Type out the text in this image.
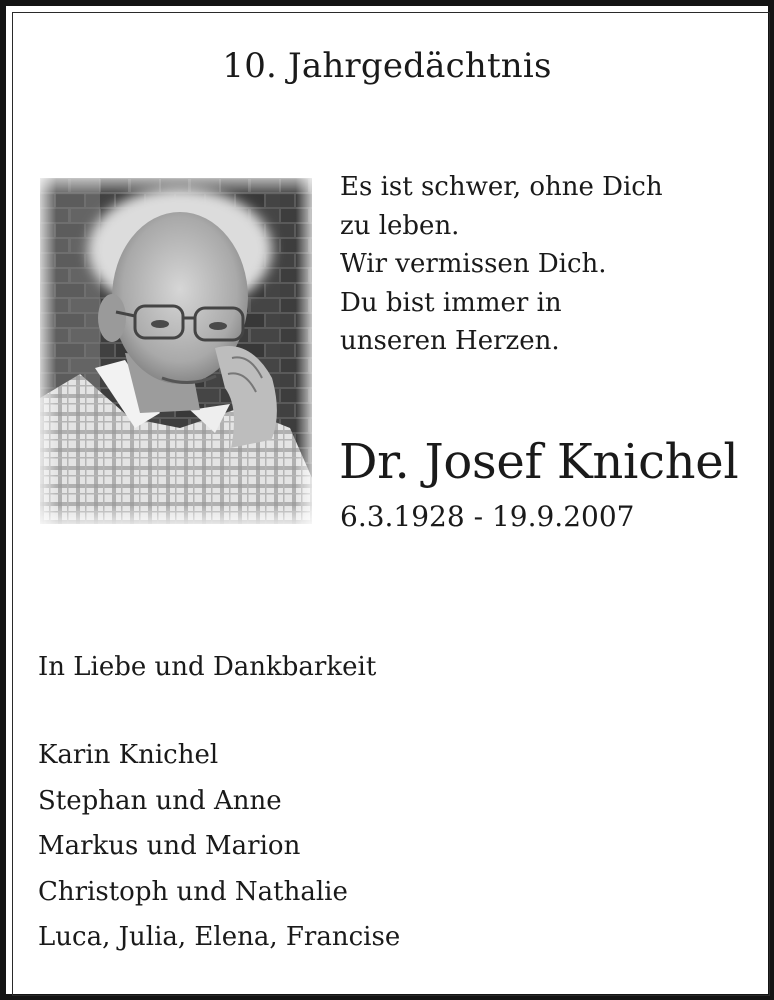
10. Jahrgedächtnis
Es ist schwer, ohne Dich
zu leben.
Wir vermissen Dich.
Du bist immer in
unseren Herzen.
Dr. Josef Knichel
6.3.1928 - 19.9.2007
In Liebe und Dankbarkeit
Karin Knichel
Stephan und Anne
Markus und Marion
Christoph und Nathalie
Luca, Julia, Elena, Francise
